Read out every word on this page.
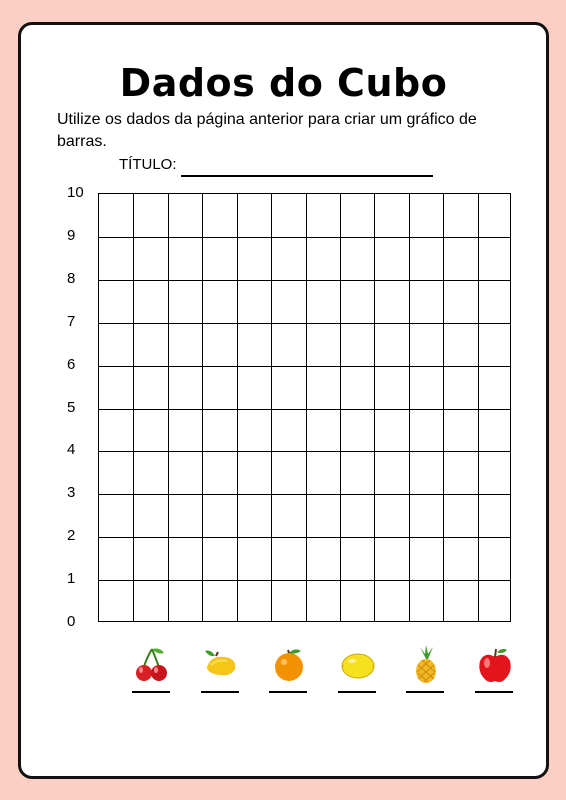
Dados do Cubo

Utilize os dados da página anterior para criar um gráfico de barras.

TÍTULO:
0
1
2
3
4
5
6
7
8
9
10
